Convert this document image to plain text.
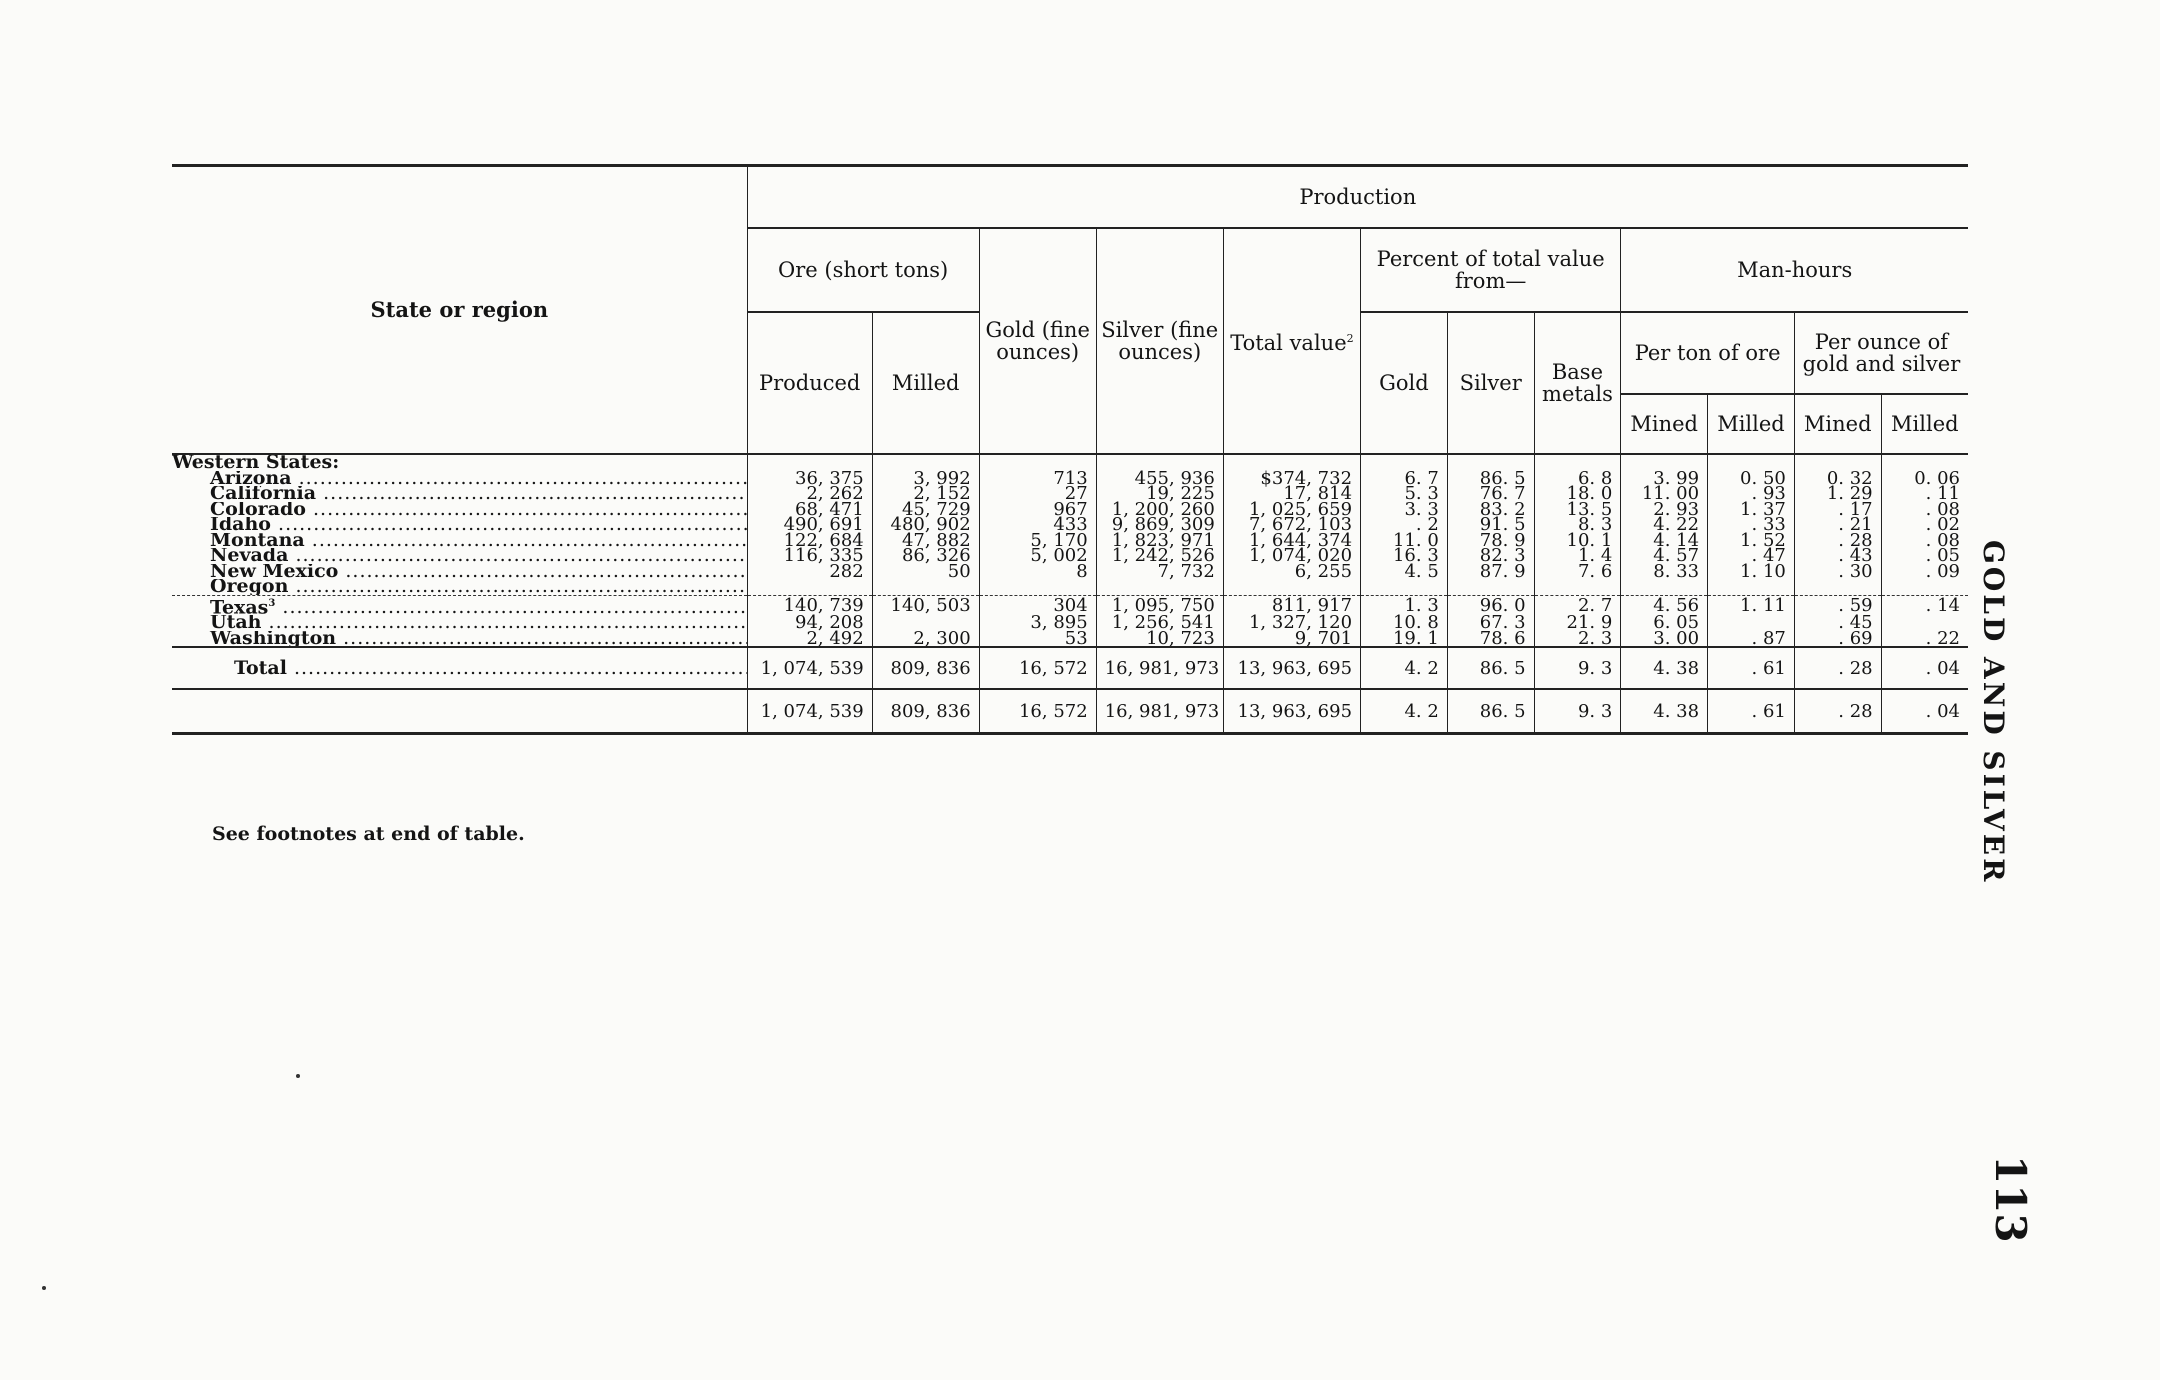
State or region	Production											
	Ore (short tons)		Gold (fine ounces)	Silver (fine ounces)	Total value$^2$	Percent of total value from—			Man-hours			
	Produced	Milled				Gold	Silver	Base metals	Per ton of ore		Per ounce of gold and silver	
									Mined	Milled	Mined	Milled
Western States:												
Arizona .....	36, 375	3, 992	713	455, 936	$374, 732	6. 7	86. 5	6. 8	3. 99	0. 50	0. 32	0. 06
California .....	2, 262	2, 152	27	19, 225	17, 814	5. 3	76. 7	18. 0	11. 00	. 93	1. 29	. 11
Colorado .....	68, 471	45, 729	967	1, 200, 260	1, 025, 659	3. 3	83. 2	13. 5	2. 93	1. 37	. 17	. 08
Idaho .....	490, 691	480, 902	433	9, 869, 309	7, 672, 103	. 2	91. 5	8. 3	4. 22	. 33	. 21	. 02
Montana .....	122, 684	47, 882	5, 170	1, 823, 971	1, 644, 374	11. 0	78. 9	10. 1	4. 14	1. 52	. 28	. 08
Nevada .....	116, 335	86, 326	5, 002	1, 242, 526	1, 074, 020	16. 3	82. 3	1. 4	4. 57	. 47	. 43	. 05
New Mexico .....	282	50	8	7, 732	6, 255	4. 5	87. 9	7. 6	8. 33	1. 10	. 30	. 09
Oregon .....												
Texas$^3$ .....	140, 739	140, 503	304	1, 095, 750	811, 917	1. 3	96. 0	2. 7	4. 56	1. 11	. 59	. 14
Utah .....	94, 208		3, 895	1, 256, 541	1, 327, 120	10. 8	67. 3	21. 9	6. 05		. 45	
Washington .....	2, 492	2, 300	53	10, 723	9, 701	19. 1	78. 6	2. 3	3. 00	. 87	. 69	. 22
Total .....	1, 074, 539	809, 836	16, 572	16, 981, 973	13, 963, 695	4. 2	86. 5	9. 3	4. 38	. 61	. 28	. 04
	1, 074, 539	809, 836	16, 572	16, 981, 973	13, 963, 695	4. 2	86. 5	9. 3	4. 38	. 61	. 28	. 04
See footnotes at end of table.	GOLD AND SILVER
113
